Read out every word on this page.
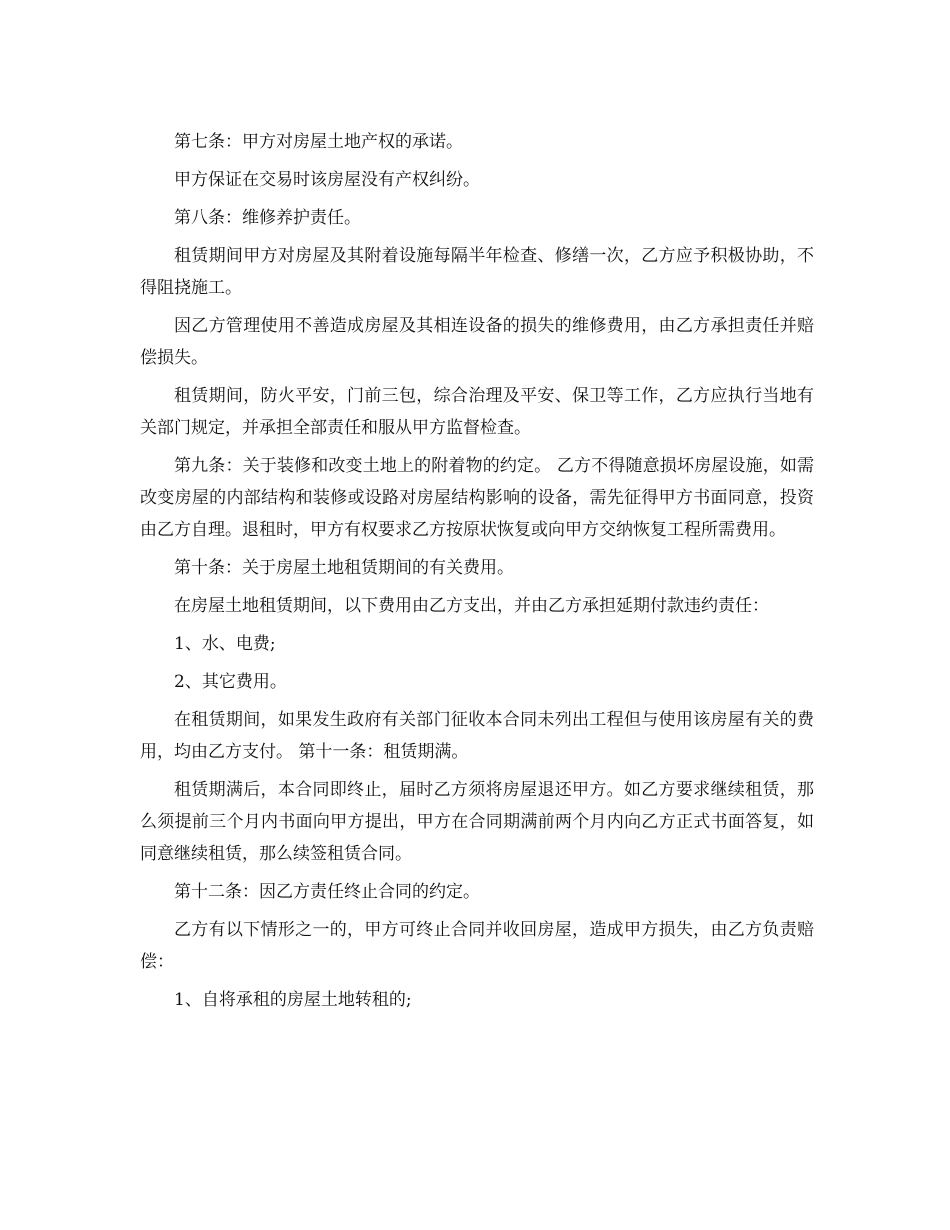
第七条：甲方对房屋土地产权的承诺。

甲方保证在交易时该房屋没有产权纠纷。

第八条：维修养护责任。

租赁期间甲方对房屋及其附着设施每隔半年检查、修缮一次，乙方应予积极协助，不得阻挠施工。

因乙方管理使用不善造成房屋及其相连设备的损失的维修费用，由乙方承担责任并赔偿损失。

租赁期间，防火平安，门前三包，综合治理及平安、保卫等工作，乙方应执行当地有关部门规定，并承担全部责任和服从甲方监督检查。

第九条：关于装修和改变土地上的附着物的约定。 乙方不得随意损坏房屋设施，如需改变房屋的内部结构和装修或设路对房屋结构影响的设备，需先征得甲方书面同意，投资由乙方自理。退租时，甲方有权要求乙方按原状恢复或向甲方交纳恢复工程所需费用。

第十条：关于房屋土地租赁期间的有关费用。

在房屋土地租赁期间，以下费用由乙方支出，并由乙方承担延期付款违约责任：

1、水、电费;

2、其它费用。

在租赁期间，如果发生政府有关部门征收本合同未列出工程但与使用该房屋有关的费用，均由乙方支付。 第十一条：租赁期满。

租赁期满后，本合同即终止，届时乙方须将房屋退还甲方。如乙方要求继续租赁，那么须提前三个月内书面向甲方提出，甲方在合同期满前两个月内向乙方正式书面答复，如同意继续租赁，那么续签租赁合同。

第十二条：因乙方责任终止合同的约定。

乙方有以下情形之一的，甲方可终止合同并收回房屋，造成甲方损失，由乙方负责赔偿：

1、自将承租的房屋土地转租的;
